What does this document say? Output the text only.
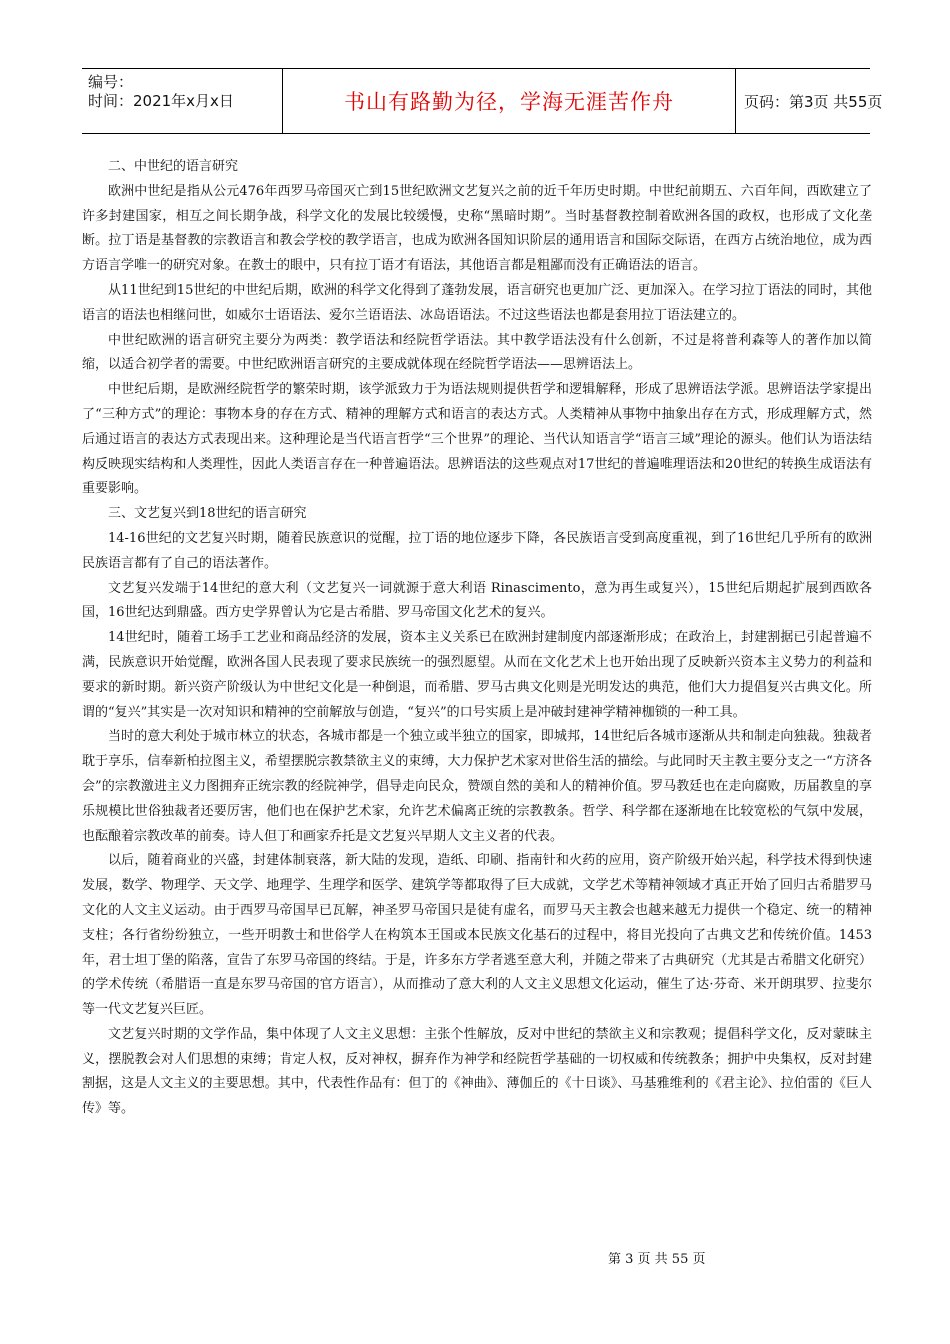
编号：
时间：2021年x月x日	书山有路勤为径，学海无涯苦作舟	页码：第3页 共55页

二、中世纪的语言研究

欧洲中世纪是指从公元476年西罗马帝国灭亡到15世纪欧洲文艺复兴之前的近千年历史时期。中世纪前期五、六百年间，西欧建立了许多封建国家，相互之间长期争战，科学文化的发展比较缓慢，史称“黑暗时期”。当时基督教控制着欧洲各国的政权，也形成了文化垄断。拉丁语是基督教的宗教语言和教会学校的教学语言，也成为欧洲各国知识阶层的通用语言和国际交际语，在西方占统治地位，成为西方语言学唯一的研究对象。在教士的眼中，只有拉丁语才有语法，其他语言都是粗鄙而没有正确语法的语言。

从11世纪到15世纪的中世纪后期，欧洲的科学文化得到了蓬勃发展，语言研究也更加广泛、更加深入。在学习拉丁语法的同时，其他语言的语法也相继问世，如威尔士语语法、爱尔兰语语法、冰岛语语法。不过这些语法也都是套用拉丁语法建立的。

中世纪欧洲的语言研究主要分为两类：教学语法和经院哲学语法。其中教学语法没有什么创新，不过是将普利森等人的著作加以简缩，以适合初学者的需要。中世纪欧洲语言研究的主要成就体现在经院哲学语法——思辨语法上。

中世纪后期，是欧洲经院哲学的繁荣时期，该学派致力于为语法规则提供哲学和逻辑解释，形成了思辨语法学派。思辨语法学家提出了“三种方式”的理论：事物本身的存在方式、精神的理解方式和语言的表达方式。人类精神从事物中抽象出存在方式，形成理解方式，然后通过语言的表达方式表现出来。这种理论是当代语言哲学“三个世界”的理论、当代认知语言学“语言三域”理论的源头。他们认为语法结构反映现实结构和人类理性，因此人类语言存在一种普遍语法。思辨语法的这些观点对17世纪的普遍唯理语法和20世纪的转换生成语法有重要影响。

三、文艺复兴到18世纪的语言研究

14-16世纪的文艺复兴时期，随着民族意识的觉醒，拉丁语的地位逐步下降，各民族语言受到高度重视，到了16世纪几乎所有的欧洲民族语言都有了自己的语法著作。

文艺复兴发端于14世纪的意大利（文艺复兴一词就源于意大利语 Rinascimento，意为再生或复兴），15世纪后期起扩展到西欧各国，16世纪达到鼎盛。西方史学界曾认为它是古希腊、罗马帝国文化艺术的复兴。

14世纪时，随着工场手工艺业和商品经济的发展，资本主义关系已在欧洲封建制度内部逐渐形成；在政治上，封建割据已引起普遍不满，民族意识开始觉醒，欧洲各国人民表现了要求民族统一的强烈愿望。从而在文化艺术上也开始出现了反映新兴资本主义势力的利益和要求的新时期。新兴资产阶级认为中世纪文化是一种倒退，而希腊、罗马古典文化则是光明发达的典范，他们大力提倡复兴古典文化。所谓的“复兴”其实是一次对知识和精神的空前解放与创造，“复兴”的口号实质上是冲破封建神学精神枷锁的一种工具。

当时的意大利处于城市林立的状态，各城市都是一个独立或半独立的国家，即城邦，14世纪后各城市逐渐从共和制走向独裁。独裁者耽于享乐，信奉新柏拉图主义，希望摆脱宗教禁欲主义的束缚，大力保护艺术家对世俗生活的描绘。与此同时天主教主要分支之一“方济各会”的宗教激进主义力图拥弃正统宗教的经院神学，倡导走向民众，赞颂自然的美和人的精神价值。罗马教廷也在走向腐败，历届教皇的享乐规模比世俗独裁者还要厉害，他们也在保护艺术家，允许艺术偏离正统的宗教教条。哲学、科学都在逐渐地在比较宽松的气氛中发展，也酝酿着宗教改革的前奏。诗人但丁和画家乔托是文艺复兴早期人文主义者的代表。

以后，随着商业的兴盛，封建体制衰落，新大陆的发现，造纸、印刷、指南针和火药的应用，资产阶级开始兴起，科学技术得到快速发展，数学、物理学、天文学、地理学、生理学和医学、建筑学等都取得了巨大成就，文学艺术等精神领域才真正开始了回归古希腊罗马文化的人文主义运动。由于西罗马帝国早已瓦解，神圣罗马帝国只是徒有虚名，而罗马天主教会也越来越无力提供一个稳定、统一的精神支柱；各行省纷纷独立，一些开明教士和世俗学人在构筑本王国或本民族文化基石的过程中，将目光投向了古典文艺和传统价值。1453年，君士坦丁堡的陷落，宣告了东罗马帝国的终结。于是，许多东方学者逃至意大利，并随之带来了古典研究（尤其是古希腊文化研究）的学术传统（希腊语一直是东罗马帝国的官方语言），从而推动了意大利的人文主义思想文化运动，催生了达·芬奇、米开朗琪罗、拉斐尔等一代文艺复兴巨匠。

文艺复兴时期的文学作品，集中体现了人文主义思想：主张个性解放，反对中世纪的禁欲主义和宗教观；提倡科学文化，反对蒙昧主义，摆脱教会对人们思想的束缚；肯定人权，反对神权，摒弃作为神学和经院哲学基础的一切权威和传统教条；拥护中央集权，反对封建割据，这是人文主义的主要思想。其中，代表性作品有：但丁的《神曲》、薄伽丘的《十日谈》、马基雅维利的《君主论》、拉伯雷的《巨人传》等。

第 3 页 共 55 页
